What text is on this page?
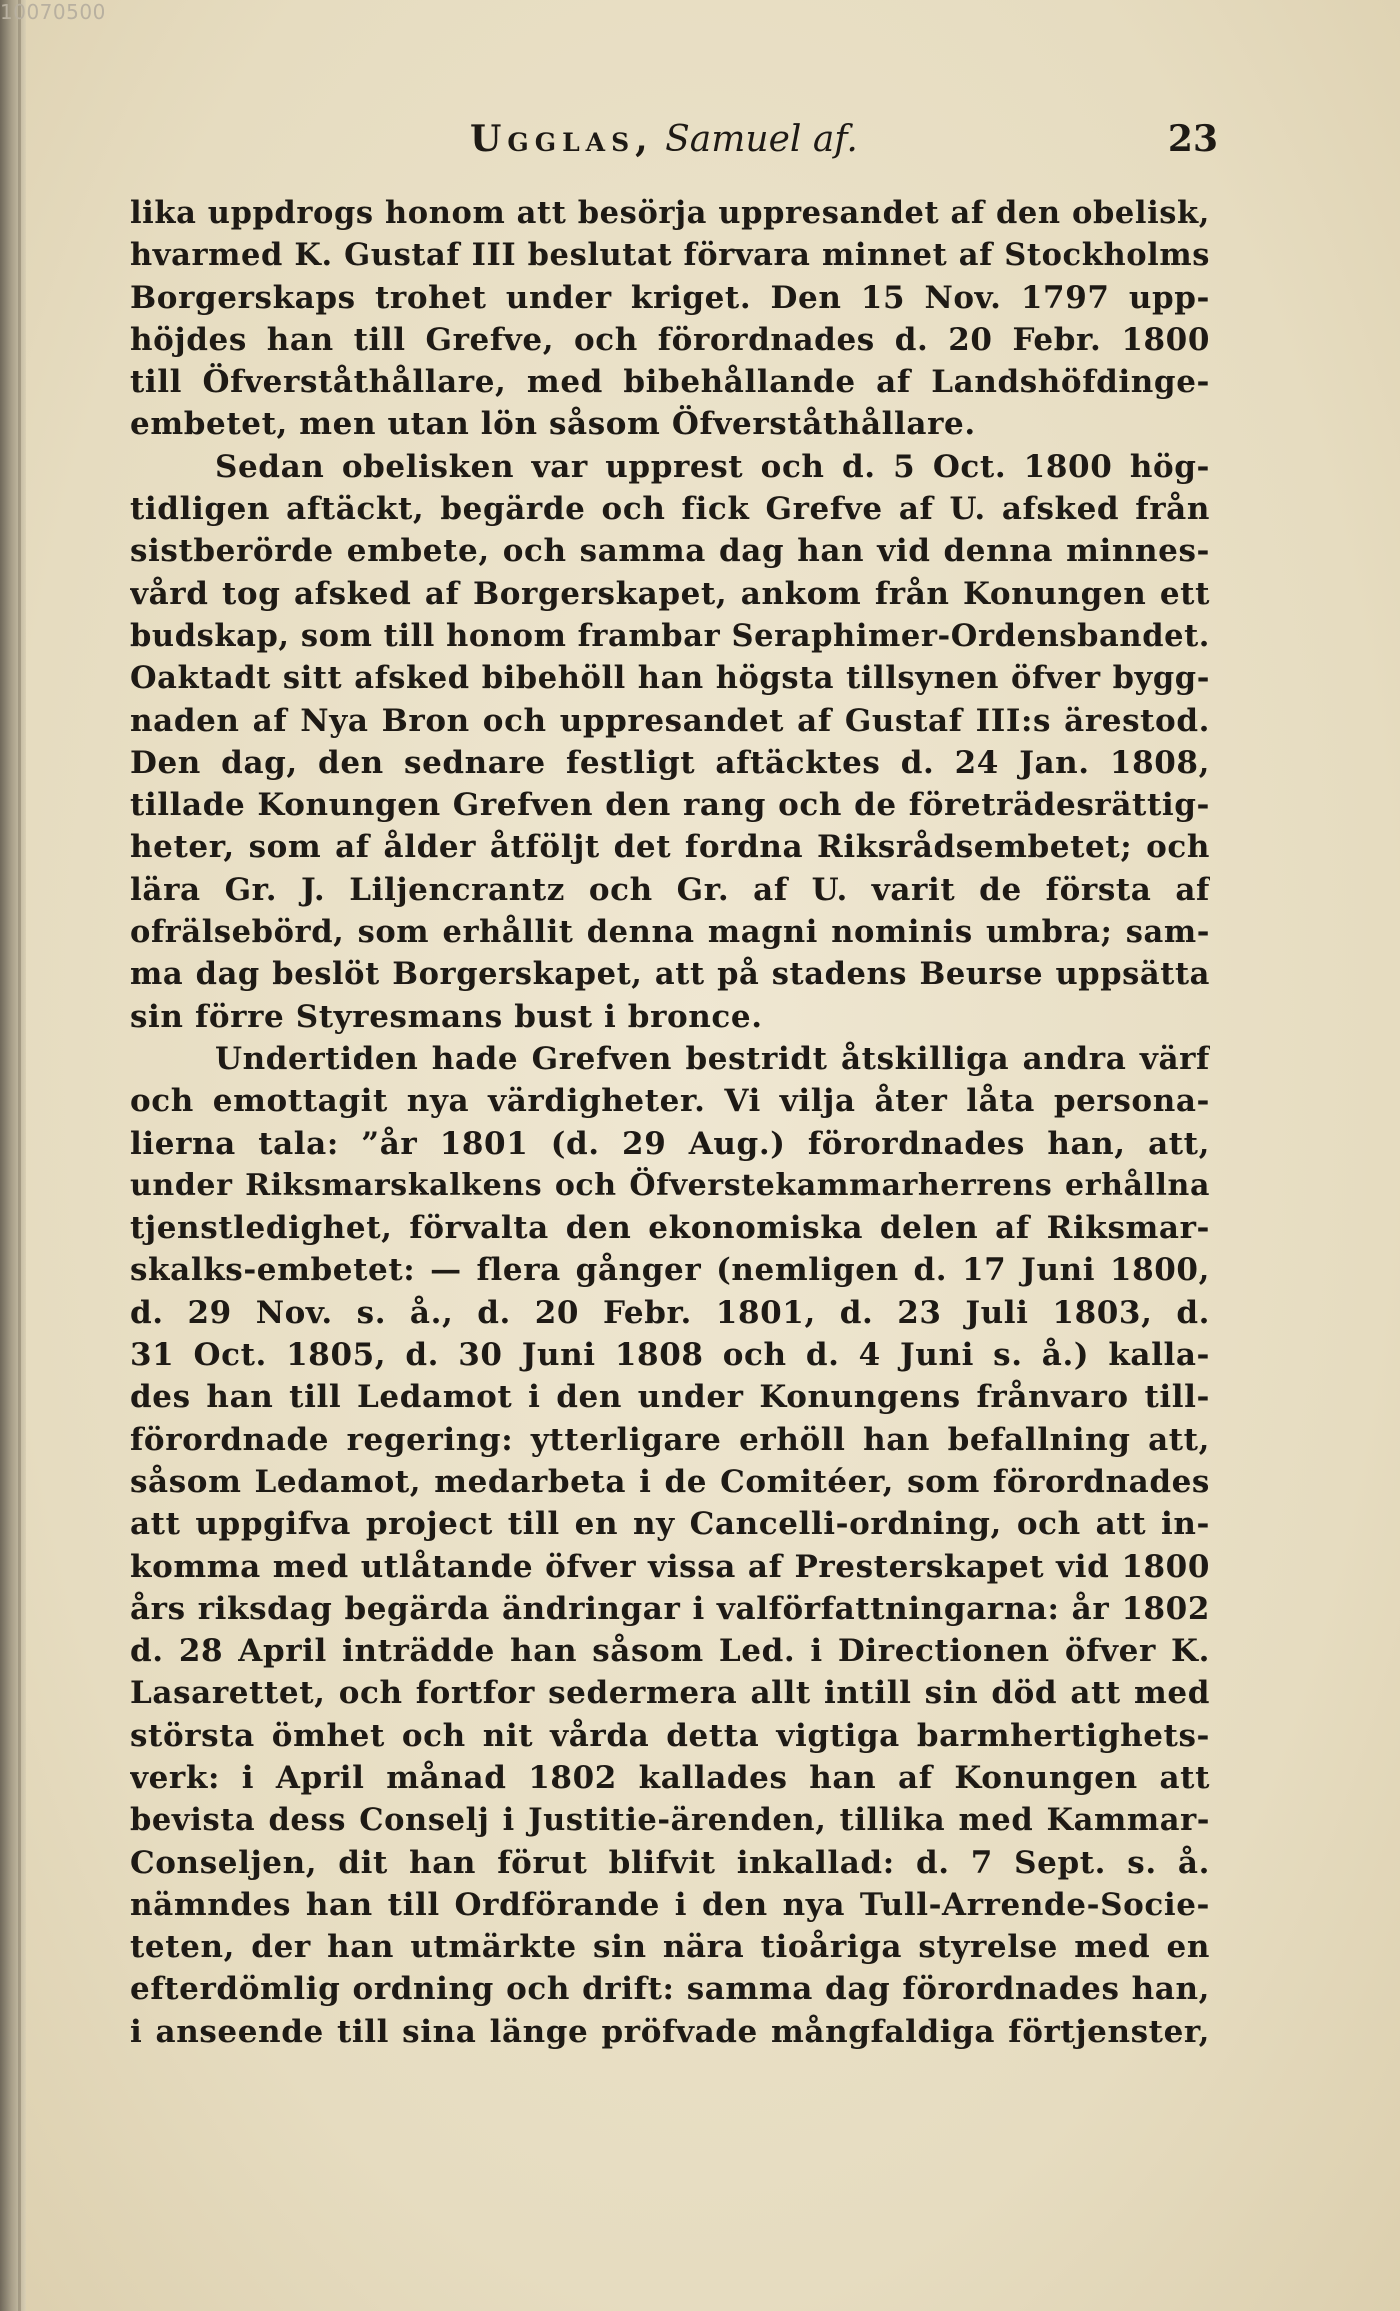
10070500
Ugglas, Samuel af.	23
lika uppdrogs honom att besörja uppresandet af den obelisk,
hvarmed K. Gustaf III beslutat förvara minnet af Stockholms
Borgerskaps trohet under kriget. Den 15 Nov. 1797 upp-
höjdes han till Grefve, och förordnades d. 20 Febr. 1800
till Öfverståthållare, med bibehållande af Landshöfdinge-
embetet, men utan lön såsom Öfverståthållare.
Sedan obelisken var upprest och d. 5 Oct. 1800 hög-
tidligen aftäckt, begärde och fick Grefve af U. afsked från
sistberörde embete, och samma dag han vid denna minnes-
vård tog afsked af Borgerskapet, ankom från Konungen ett
budskap, som till honom frambar Seraphimer-Ordensbandet.
Oaktadt sitt afsked bibehöll han högsta tillsynen öfver bygg-
naden af Nya Bron och uppresandet af Gustaf III:s ärestod.
Den dag, den sednare festligt aftäcktes d. 24 Jan. 1808,
tillade Konungen Grefven den rang och de företrädesrättig-
heter, som af ålder åtföljt det fordna Riksrådsembetet; och
lära Gr. J. Liljencrantz och Gr. af U. varit de första af
ofrälsebörd, som erhållit denna magni nominis umbra; sam-
ma dag beslöt Borgerskapet, att på stadens Beurse uppsätta
sin förre Styresmans bust i bronce.
Undertiden hade Grefven bestridt åtskilliga andra värf
och emottagit nya värdigheter. Vi vilja åter låta persona-
lierna tala: ”år 1801 (d. 29 Aug.) förordnades han, att,
under Riksmarskalkens och Öfverstekammarherrens erhållna
tjenstledighet, förvalta den ekonomiska delen af Riksmar-
skalks-embetet: — flera gånger (nemligen d. 17 Juni 1800,
d. 29 Nov. s. å., d. 20 Febr. 1801, d. 23 Juli 1803, d.
31 Oct. 1805, d. 30 Juni 1808 och d. 4 Juni s. å.) kalla-
des han till Ledamot i den under Konungens frånvaro till-
förordnade regering: ytterligare erhöll han befallning att,
såsom Ledamot, medarbeta i de Comitéer, som förordnades
att uppgifva project till en ny Cancelli-ordning, och att in-
komma med utlåtande öfver vissa af Presterskapet vid 1800
års riksdag begärda ändringar i valförfattningarna: år 1802
d. 28 April inträdde han såsom Led. i Directionen öfver K.
Lasarettet, och fortfor sedermera allt intill sin död att med
största ömhet och nit vårda detta vigtiga barmhertighets-
verk: i April månad 1802 kallades han af Konungen att
bevista dess Conselj i Justitie-ärenden, tillika med Kammar-
Conseljen, dit han förut blifvit inkallad: d. 7 Sept. s. å.
nämndes han till Ordförande i den nya Tull-Arrende-Socie-
teten, der han utmärkte sin nära tioåriga styrelse med en
efterdömlig ordning och drift: samma dag förordnades han,
i anseende till sina länge pröfvade mångfaldiga förtjenster,
